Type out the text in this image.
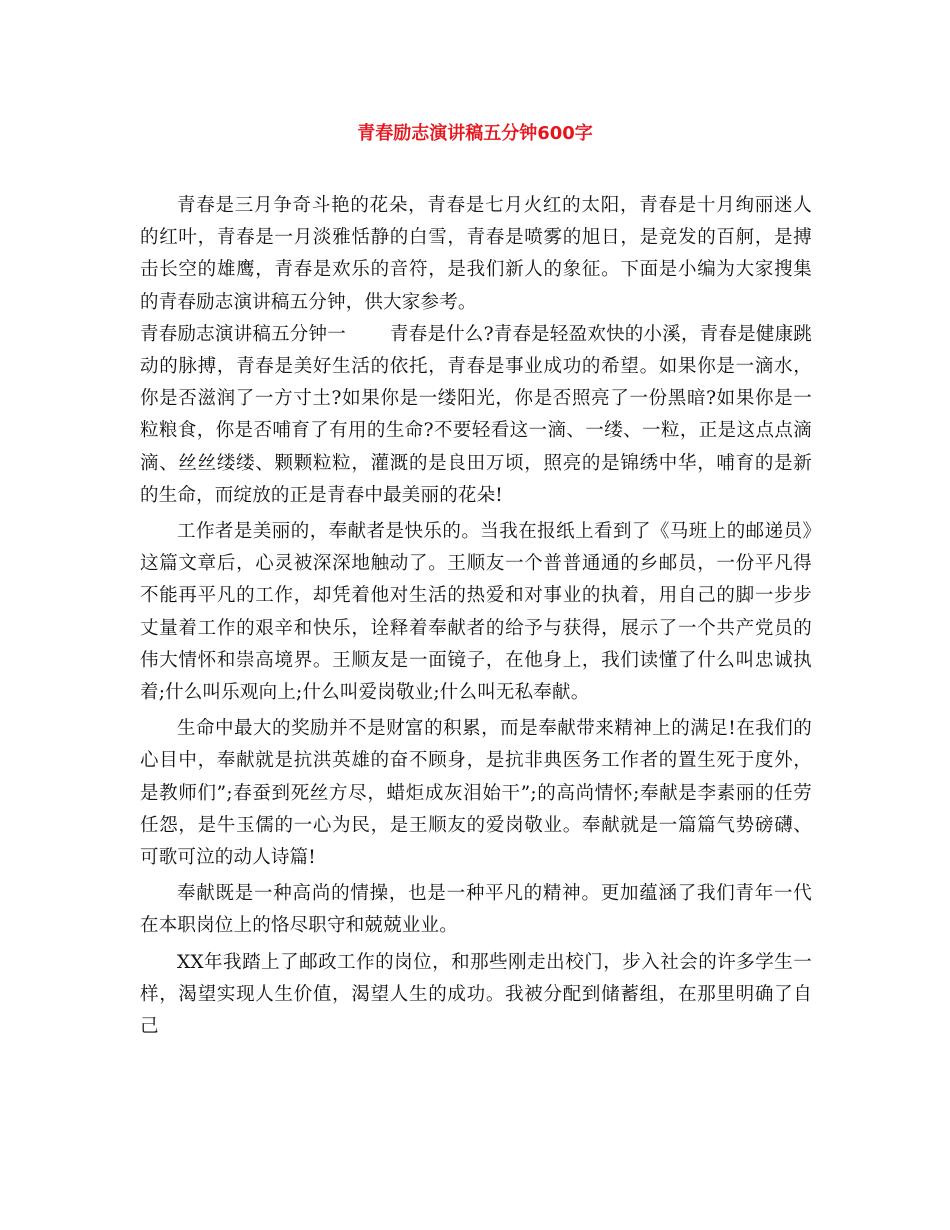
青春励志演讲稿五分钟600字

青春是三月争奇斗艳的花朵，青春是七月火红的太阳，青春是十月绚丽迷人的红叶，青春是一月淡雅恬静的白雪，青春是喷雾的旭日，是竞发的百舸，是搏击长空的雄鹰，青春是欢乐的音符，是我们新人的象征。下面是小编为大家搜集的青春励志演讲稿五分钟，供大家参考。

青春励志演讲稿五分钟一 青春是什么?青春是轻盈欢快的小溪，青春是健康跳动的脉搏，青春是美好生活的依托，青春是事业成功的希望。如果你是一滴水，你是否滋润了一方寸土?如果你是一缕阳光，你是否照亮了一份黑暗?如果你是一粒粮食，你是否哺育了有用的生命?不要轻看这一滴、一缕、一粒，正是这点点滴滴、丝丝缕缕、颗颗粒粒，灌溉的是良田万顷，照亮的是锦绣中华，哺育的是新的生命，而绽放的正是青春中最美丽的花朵!

工作者是美丽的，奉献者是快乐的。当我在报纸上看到了《马班上的邮递员》这篇文章后，心灵被深深地触动了。王顺友一个普普通通的乡邮员，一份平凡得不能再平凡的工作，却凭着他对生活的热爱和对事业的执着，用自己的脚一步步丈量着工作的艰辛和快乐，诠释着奉献者的给予与获得，展示了一个共产党员的伟大情怀和崇高境界。王顺友是一面镜子，在他身上，我们读懂了什么叫忠诚执着;什么叫乐观向上;什么叫爱岗敬业;什么叫无私奉献。

生命中最大的奖励并不是财富的积累，而是奉献带来精神上的满足!在我们的心目中，奉献就是抗洪英雄的奋不顾身，是抗非典医务工作者的置生死于度外，是教师们”;春蚕到死丝方尽，蜡炬成灰泪始干”;的高尚情怀;奉献是李素丽的任劳任怨，是牛玉儒的一心为民，是王顺友的爱岗敬业。奉献就是一篇篇气势磅礴、可歌可泣的动人诗篇!

奉献既是一种高尚的情操，也是一种平凡的精神。更加蕴涵了我们青年一代在本职岗位上的恪尽职守和兢兢业业。

XX年我踏上了邮政工作的岗位，和那些刚走出校门，步入社会的许多学生一样，渴望实现人生价值，渴望人生的成功。我被分配到储蓄组，在那里明确了自己
